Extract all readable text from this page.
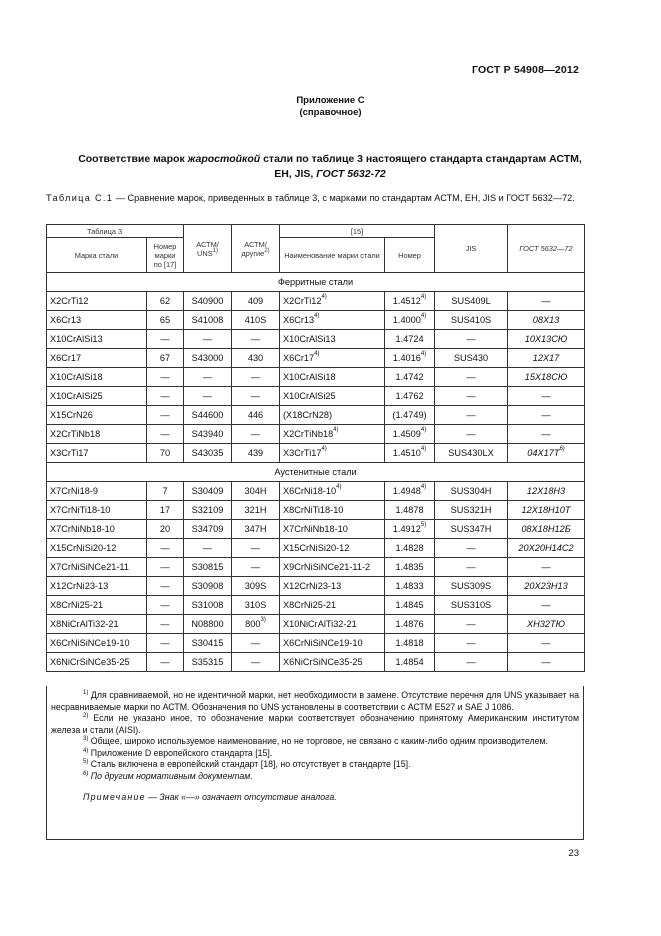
ГОСТ Р 54908—2012
Приложение С
(справочное)
Соответствие марок жаростойкой стали по таблице 3 настоящего стандарта стандартам АСТМ,
ЕН, JIS, ГОСТ 5632-72
Таблица С.1 — Сравнение марок, приведенных в таблице 3, с марками по стандартам АСТМ, ЕН, JIS и ГОСТ 5632—72.
Таблица 3		АСТМ/ UNS$^{1)}$	АСТМ/ другие$^{2)}$	[15]		JIS	ГОСТ 5632—72
Марка стали	Номер марки по [17]			Наименование марки стали	Номер		
Ферритные стали							
X2CrTi12	62	S40900	409	X2CrTi12$^{4)}$	1.4512$^{4)}$	SUS409L	—
X6Cr13	65	S41008	410S	X6Cr13$^{4)}$	1.4000$^{4)}$	SUS410S	08X13
X10CrAlSi13	—	—	—	X10CrAlSi13	1.4724	—	10X13СЮ
X6Cr17	67	S43000	430	X6Cr17$^{4)}$	1.4016$^{4)}$	SUS430	12X17
X10CrAlSi18	—	—	—	X10CrAlSi18	1.4742	—	15X18СЮ
X10CrAlSi25	—	—	—	X10CrAlSi25	1.4762	—	—
X15CrN26	—	S44600	446	(X18CrN28)	(1.4749)	—	—
X2CrTiNb18	—	S43940	—	X2CrTiNb18$^{4)}$	1.4509$^{4)}$	—	—
X3CrTi17	70	S43035	439	X3CrTi17$^{4)}$	1.4510$^{4)}$	SUS430LX	$04X17T^{6)}$
Аустенитные стали							
X7CrNi18-9	7	S30409	304H	X6CrNi18-10$^{4)}$	1.4948$^{4)}$	SUS304H	12X18H3
X7CrNiTi18-10	17	S32109	321H	X8CrNiTi18-10	1.4878	SUS321H	12X18H10T
X7CrNiNb18-10	20	S34709	347H	X7CrNiNb18-10	1.4912$^{5)}$	SUS347H	08X18H12Б
X15CrNiSi20-12	—	—	—	X15CrNiSi20-12	1.4828	—	20X20H14C2
X7CrNiSiNCe21-11	—	S30815	—	X9CrNiSiNCe21-11-2	1.4835	—	—
X12CrNi23-13	—	S30908	309S	X12CrNi23-13	1.4833	SUS309S	20X23H13
X8CrNi25-21	—	S31008	310S	X8CrNi25-21	1.4845	SUS310S	—
X8NiCrAlTi32-21	—	N08800	800$^{3)}$	X10NiCrAlTi32-21	1.4876	—	XH32TЮ
X6CrNiSiNCe19-10	—	S30415	—	X6CrNiSiNCe19-10	1.4818	—	—
X6NiCrSiNCe35-25	—	S35315	—	X6NiCrSiNCe35-25	1.4854	—	—

$^{1)}$ Для сравниваемой, но не идентичной марки, нет необходимости в замене. Отсутствие перечня для UNS указывает на несравниваемые марки по АСТМ. Обозначения по UNS установлены в соответствии с АСТМ Е527 и SAE J 1086.

$^{2)}$ Если не указано иное, то обозначение марки соответствует обозначению принятому Американским институтом железа и стали (AISI).

$^{3)}$ Общее, широко используемое наименование, но не торговое, не связано с каким-либо одним производителем.

$^{4)}$ Приложение D европейского стандарта [15].

$^{5)}$ Сталь включена в европейский стандарт [18], но отсутствует в стандарте [15].

$^{6)}$ По другим нормативным документам.

Примечание — Знак «—» означает отсутствие аналога.

23
